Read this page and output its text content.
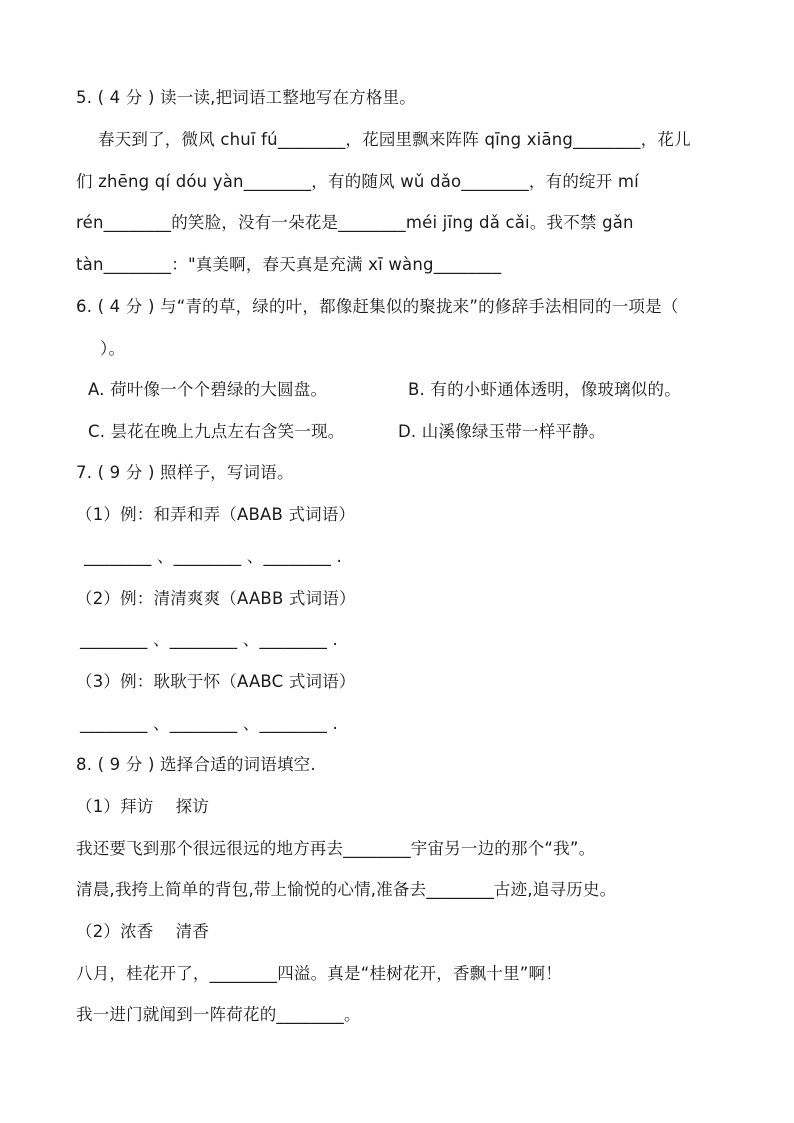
5. ( 4 分 ) 读一读,把词语工整地写在方格里。
春天到了，微风 chuī fú________，花园里飘来阵阵 qīng xiāng________，花儿
们 zhēng qí dóu yàn________，有的随风 wǔ dǎo________，有的绽开 mí
rén________的笑脸，没有一朵花是________méi jīng dǎ cǎi。我不禁 gǎn
tàn________："真美啊，春天真是充满 xī wàng________
6. ( 4 分 ) 与“青的草，绿的叶，都像赶集似的聚拢来”的修辞手法相同的一项是（
）。
A. 荷叶像一个个碧绿的大圆盘。	B. 有的小虾通体透明，像玻璃似的。
C. 昙花在晚上九点左右含笑一现。	D. 山溪像绿玉带一样平静。
7. ( 9 分 ) 照样子，写词语。
（1）例：和弄和弄（ABAB 式词语）
________ 、________ 、________ .
（2）例：清清爽爽（AABB 式词语）
________ 、________ 、________ .
（3）例：耿耿于怀（AABC 式词语）
________ 、________ 、________ .
8. ( 9 分 ) 选择合适的词语填空.
（1）拜访　 探访
我还要飞到那个很远很远的地方再去________宇宙另一边的那个“我”。
清晨,我挎上简单的背包,带上愉悦的心情,准备去________古迹,追寻历史。
（2）浓香　 清香
八月，桂花开了，________四溢。真是“桂树花开，香飘十里”啊！
我一进门就闻到一阵荷花的________。
